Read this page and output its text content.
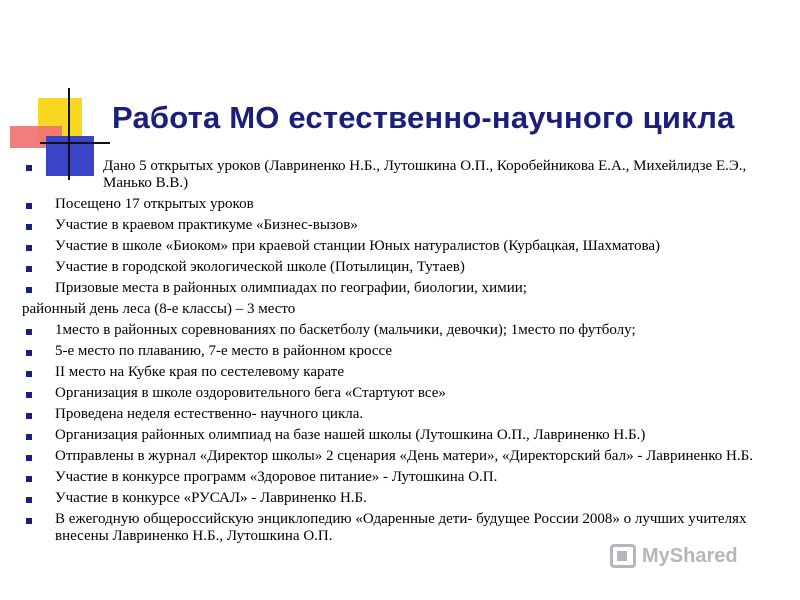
Работа МО естественно-научного цикла
Дано 5 открытых уроков (Лавриненко Н.Б., Лутошкина О.П., Коробейникова Е.А., Михейлидзе Е.Э., Манько В.В.)
Посещено 17 открытых уроков
Участие в краевом практикуме «Бизнес-вызов»
Участие в школе «Биоком» при краевой станции Юных натуралистов (Курбацкая, Шахматова)
Участие в городской экологической школе (Потылицин, Тутаев)
Призовые места в районных олимпиадах по географии, биологии, химии;
районный день леса (8-е классы) – 3 место
1место в районных соревнованиях по баскетболу (мальчики, девочки); 1место по футболу;
5-е место по плаванию, 7-е место в районном кроссе
II место на Кубке края по сестелевому карате
Организация в школе оздоровительного бега «Стартуют все»
Проведена неделя естественно- научного цикла.
Организация районных олимпиад на базе нашей школы (Лутошкина О.П., Лавриненко Н.Б.)
Отправлены в журнал «Директор школы» 2 сценария «День матери», «Директорский бал» - Лавриненко Н.Б.
Участие в конкурсе программ «Здоровое питание» - Лутошкина О.П.
Участие в конкурсе «РУСАЛ» - Лавриненко Н.Б.
В ежегодную общероссийскую энциклопедию «Одаренные дети- будущее России 2008» о лучших учителях внесены Лавриненко Н.Б., Лутошкина О.П.
MyShared
